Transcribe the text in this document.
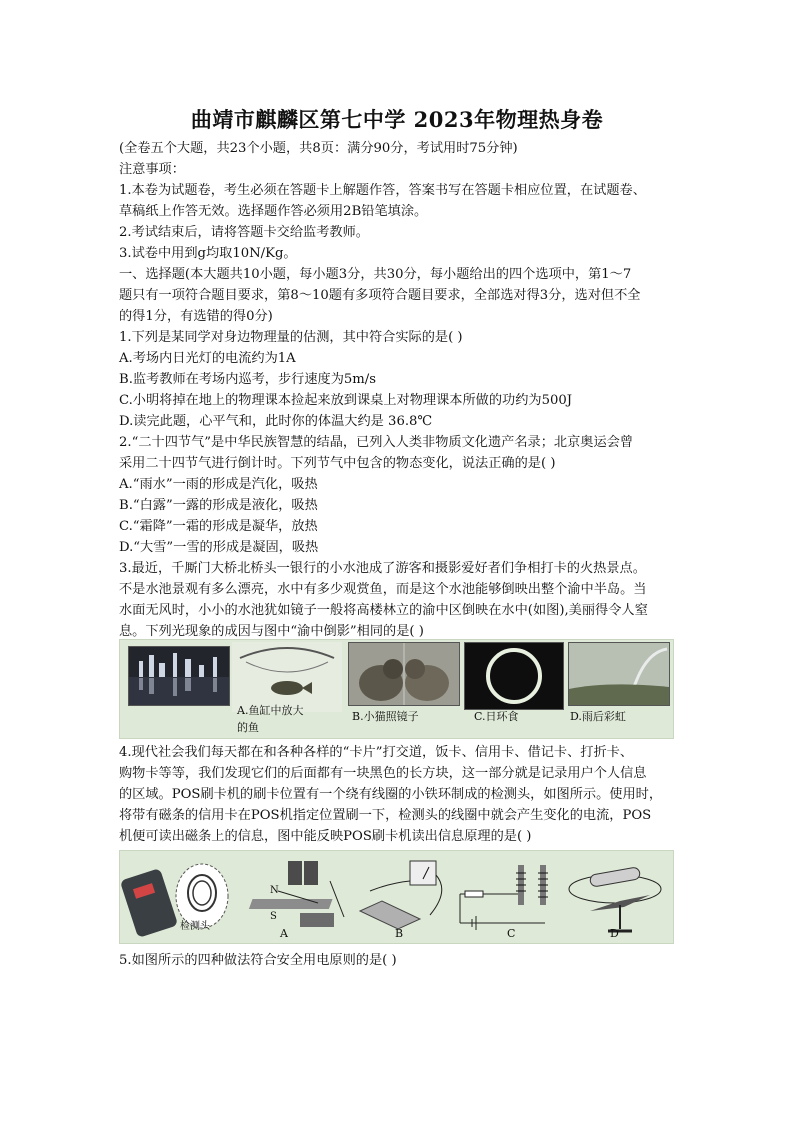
曲靖市麒麟区第七中学 2023年物理热身卷
(全卷五个大题，共23个小题，共8页：满分90分，考试用时75分钟)
注意事项：
1.本卷为试题卷，考生必须在答题卡上解题作答，答案书写在答题卡相应位置，在试题卷、
草稿纸上作答无效。选择题作答必须用2B铅笔填涂。
2.考试结束后，请将答题卡交给监考教师。
3.试卷中用到g均取10N/Kg。
一、选择题(本大题共10小题，每小题3分，共30分，每小题给出的四个选项中，第1～7
题只有一项符合题目要求，第8～10题有多项符合题目要求，全部选对得3分，选对但不全
的得1分，有选错的得0分)
1.下列是某同学对身边物理量的估测，其中符合实际的是( )
A.考场内日光灯的电流约为1A
B.监考教师在考场内巡考，步行速度为5m/s
C.小明将掉在地上的物理课本捡起来放到课桌上对物理课本所做的功约为500J
D.读完此题，心平气和，此时你的体温大约是 36.8℃
2.“二十四节气”是中华民族智慧的结晶，已列入人类非物质文化遗产名录；北京奥运会曾
采用二十四节气进行倒计时。下列节气中包含的物态变化，说法正确的是( )
A.“雨水”一雨的形成是汽化，吸热
B.“白露”一露的形成是液化，吸热
C.“霜降”一霜的形成是凝华，放热
D.“大雪”一雪的形成是凝固，吸热
3.最近，千厮门大桥北桥头一银行的小水池成了游客和摄影爱好者们争相打卡的火热景点。
不是水池景观有多么漂亮，水中有多少观赏鱼，而是这个水池能够倒映出整个渝中半岛。当
水面无风时，小小的水池犹如镜子一般将高楼林立的渝中区倒映在水中(如图),美丽得令人窒
息。下列光现象的成因与图中“渝中倒影”相同的是( )
A.鱼缸中放大
的鱼
B.小猫照镜子	C.日环食	D.雨后彩虹
4.现代社会我们每天都在和各种各样的“卡片”打交道，饭卡、信用卡、借记卡、打折卡、
购物卡等等，我们发现它们的后面都有一块黑色的长方块，这一部分就是记录用户个人信息
的区域。POS刷卡机的刷卡位置有一个绕有线圈的小铁环制成的检测头，如图所示。使用时，
将带有磁条的信用卡在POS机指定位置刷一下，检测头的线圈中就会产生变化的电流，POS
机便可读出磁条上的信息，图中能反映POS刷卡机读出信息原理的是( )
检测头
A	B	C	D
N
S
5.如图所示的四种做法符合安全用电原则的是( )
